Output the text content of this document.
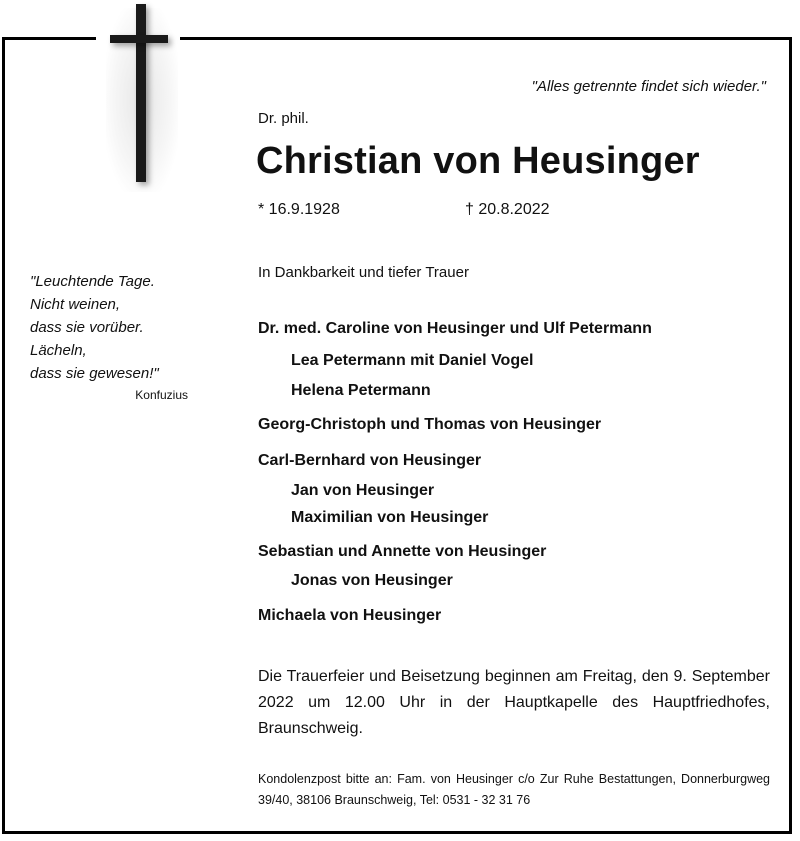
"Alles getrennte findet sich wieder."
Dr. phil.
Christian von Heusinger
* 16.9.1928	† 20.8.2022
"Leuchtende Tage.
Nicht weinen,
dass sie vorüber.
Lächeln,
dass sie gewesen!"
Konfuzius
In Dankbarkeit und tiefer Trauer
Dr. med. Caroline von Heusinger und Ulf Petermann
Lea Petermann mit Daniel Vogel
Helena Petermann
Georg-Christoph und Thomas von Heusinger
Carl-Bernhard von Heusinger
Jan von Heusinger
Maximilian von Heusinger
Sebastian und Annette von Heusinger
Jonas von Heusinger
Michaela von Heusinger
Die Trauerfeier und Beisetzung beginnen am Freitag, den 9. September 2022 um 12.00 Uhr in der Hauptkapelle des Hauptfriedhofes, Braunschweig.
Kondolenzpost bitte an: Fam. von Heusinger c/o Zur Ruhe Bestattungen, Donnerburgweg 39/40, 38106 Braunschweig, Tel: 0531 - 32 31 76
